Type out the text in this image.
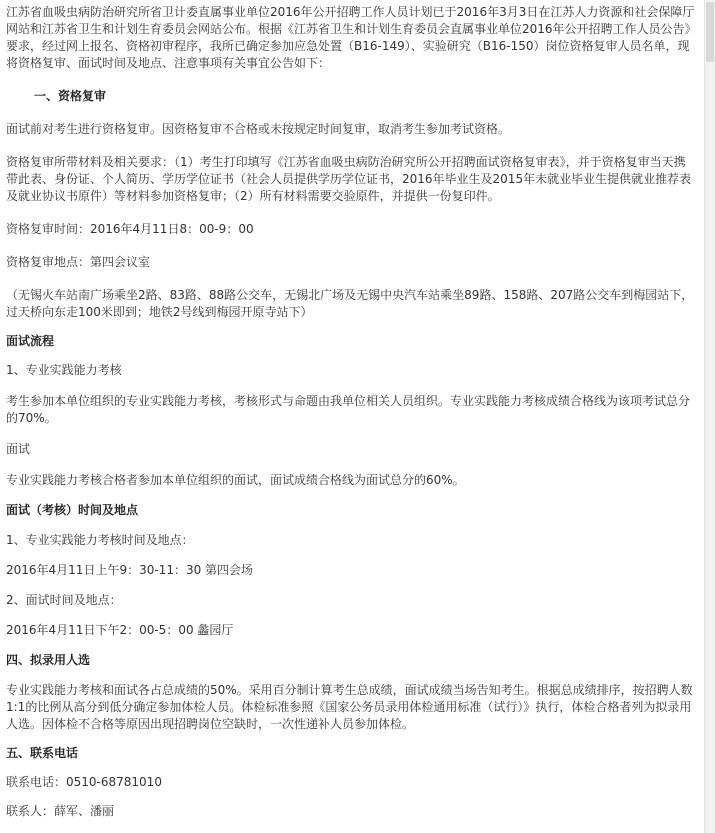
江苏省血吸虫病防治研究所省卫计委直属事业单位2016年公开招聘工作人员计划已于2016年3月3日在江苏人力资源和社会保障厅网站和江苏省卫生和计划生育委员会网站公布。根据《江苏省卫生和计划生育委员会直属事业单位2016年公开招聘工作人员公告》要求，经过网上报名、资格初审程序，我所已确定参加应急处置（B16-149）、实验研究（B16-150）岗位资格复审人员名单，现将资格复审、面试时间及地点、注意事项有关事宜公告如下：

一、资格复审

面试前对考生进行资格复审。因资格复审不合格或未按规定时间复审，取消考生参加考试资格。

资格复审所带材料及相关要求：（1）考生打印填写《江苏省血吸虫病防治研究所公开招聘面试资格复审表》，并于资格复审当天携带此表、身份证、个人简历、学历学位证书（社会人员提供学历学位证书，2016年毕业生及2015年未就业毕业生提供就业推荐表及就业协议书原件）等材料参加资格复审；（2）所有材料需要交验原件，并提供一份复印件。

资格复审时间：2016年4月11日8：00-9：00

资格复审地点：第四会议室

（无锡火车站南广场乘坐2路、83路、88路公交车，无锡北广场及无锡中央汽车站乘坐89路、158路、207路公交车到梅园站下，过天桥向东走100米即到；地铁2号线到梅园开原寺站下）

面试流程

1、专业实践能力考核

考生参加本单位组织的专业实践能力考核，考核形式与命题由我单位相关人员组织。专业实践能力考核成绩合格线为该项考试总分的70%。

面试

专业实践能力考核合格者参加本单位组织的面试，面试成绩合格线为面试总分的60%。

面试（考核）时间及地点

1、专业实践能力考核时间及地点：

2016年4月11日上午9：30-11：30 第四会场

2、面试时间及地点：

2016年4月11日下午2：00-5：00 蠡园厅

四、拟录用人选

专业实践能力考核和面试各占总成绩的50%。采用百分制计算考生总成绩，面试成绩当场告知考生。根据总成绩排序，按招聘人数1:1的比例从高分到低分确定参加体检人员。体检标准参照《国家公务员录用体检通用标准（试行）》执行，体检合格者列为拟录用人选。因体检不合格等原因出现招聘岗位空缺时，一次性递补人员参加体检。

五、联系电话

联系电话：0510-68781010

联系人：薛军、潘丽
